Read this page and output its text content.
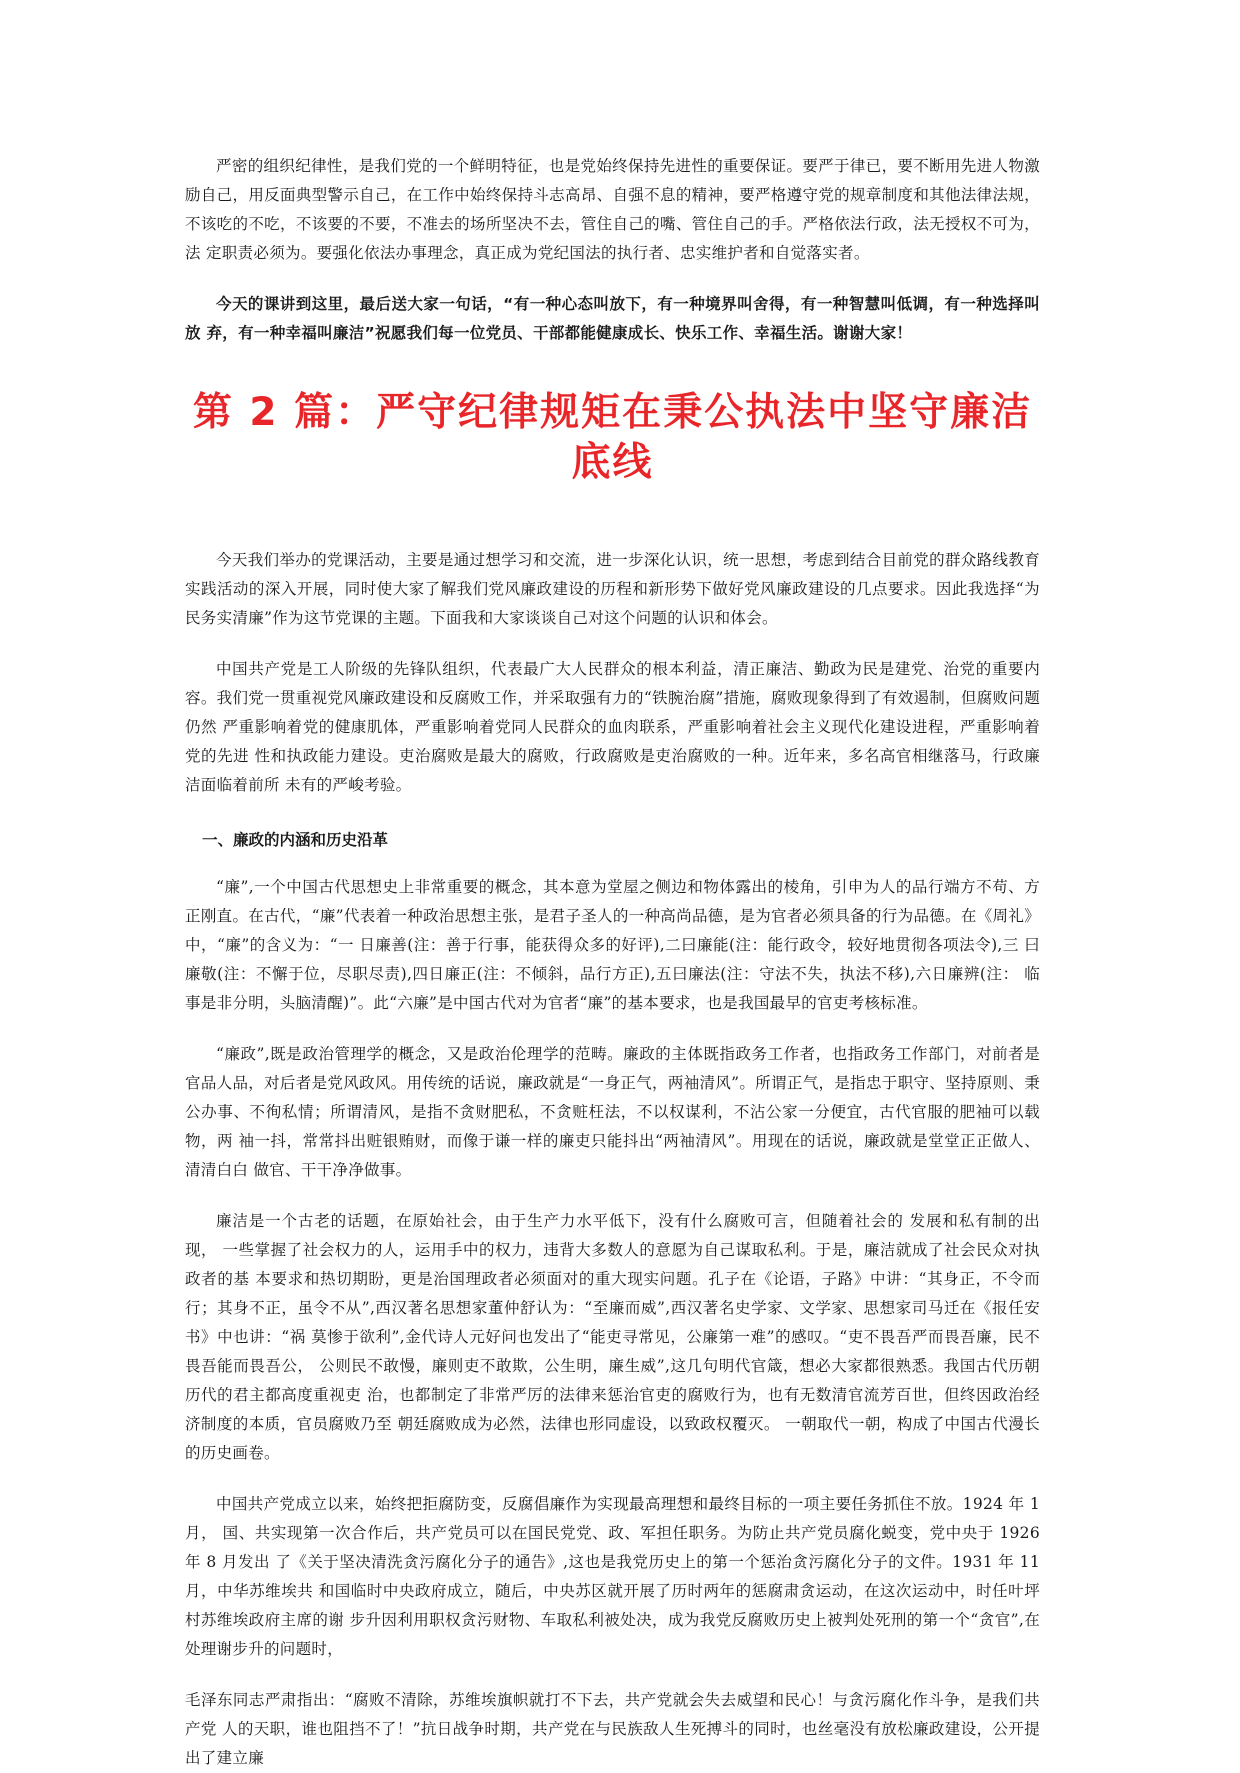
严密的组织纪律性，是我们党的一个鲜明特征，也是党始终保持先进性的重要保证。要严于律已，要不断用先进人物激励自己，用反面典型警示自己，在工作中始终保持斗志高昂、自强不息的精神，要严格遵守党的规章制度和其他法律法规，不该吃的不吃，不该要的不要，不准去的场所坚决不去，管住自己的嘴、管住自己的手。严格依法行政，法无授权不可为，法 定职责必须为。要强化依法办事理念，真正成为党纪国法的执行者、忠实维护者和自觉落实者。

今天的课讲到这里，最后送大家一句话，“有一种心态叫放下，有一种境界叫舍得，有一种智慧叫低调，有一种选择叫放 弃，有一种幸福叫廉洁”祝愿我们每一位党员、干部都能健康成长、快乐工作、幸福生活。谢谢大家！

第 2 篇：严守纪律规矩在秉公执法中坚守廉洁底线

今天我们举办的党课活动，主要是通过想学习和交流，进一步深化认识，统一思想，考虑到结合目前党的群众路线教育实践活动的深入开展，同时使大家了解我们党风廉政建设的历程和新形势下做好党风廉政建设的几点要求。因此我选择“为民务实清廉”作为这节党课的主题。下面我和大家谈谈自己对这个问题的认识和体会。

中国共产党是工人阶级的先锋队组织，代表最广大人民群众的根本利益，清正廉洁、勤政为民是建党、治党的重要内容。我们党一贯重视党风廉政建设和反腐败工作，并采取强有力的“铁腕治腐”措施，腐败现象得到了有效遏制，但腐败问题仍然 严重影响着党的健康肌体，严重影响着党同人民群众的血肉联系，严重影响着社会主义现代化建设进程，严重影响着党的先进 性和执政能力建设。吏治腐败是最大的腐败，行政腐败是吏治腐败的一种。近年来，多名高官相继落马，行政廉洁面临着前所 未有的严峻考验。

一、廉政的内涵和历史沿革

“廉”,一个中国古代思想史上非常重要的概念，其本意为堂屋之侧边和物体露出的棱角，引申为人的品行端方不苟、方正刚直。在古代，“廉”代表着一种政治思想主张，是君子圣人的一种高尚品德，是为官者必须具备的行为品德。在《周礼》中，“廉”的含义为：“一 日廉善(注：善于行事，能获得众多的好评),二曰廉能(注：能行政令，较好地贯彻各项法令),三 曰廉敬(注：不懈于位，尽职尽责),四日廉正(注：不倾斜，品行方正),五曰廉法(注：守法不失，执法不移),六日廉辨(注： 临事是非分明，头脑清醒)”。此“六廉”是中国古代对为官者“廉”的基本要求，也是我国最早的官吏考核标准。

“廉政”,既是政治管理学的概念，又是政治伦理学的范畴。廉政的主体既指政务工作者，也指政务工作部门，对前者是官品人品，对后者是党风政风。用传统的话说，廉政就是“一身正气，两袖清风”。所谓正气，是指忠于职守、坚持原则、秉公办事、不徇私情；所谓清风，是指不贪财肥私，不贪赃枉法，不以权谋利，不沾公家一分便宜，古代官服的肥袖可以载物，两 袖一抖，常常抖出赃银贿财，而像于谦一样的廉吏只能抖出“两袖清风”。用现在的话说，廉政就是堂堂正正做人、清清白白 做官、干干净净做事。

廉洁是一个古老的话题，在原始社会，由于生产力水平低下，没有什么腐败可言，但随着社会的 发展和私有制的出现， 一些掌握了社会权力的人，运用手中的权力，违背大多数人的意愿为自己谋取私利。于是，廉洁就成了社会民众对执政者的基 本要求和热切期盼，更是治国理政者必须面对的重大现实问题。孔子在《论语，子路》中讲：“其身正，不令而行；其身不正，虽令不从”,西汉著名思想家董仲舒认为：“至廉而威”,西汉著名史学家、文学家、思想家司马迁在《报任安书》中也讲：“祸 莫惨于欲利”,金代诗人元好问也发出了“能吏寻常见，公廉第一难”的感叹。“吏不畏吾严而畏吾廉，民不畏吾能而畏吾公， 公则民不敢慢，廉则吏不敢欺，公生明，廉生威”,这几句明代官箴，想必大家都很熟悉。我国古代历朝历代的君主都高度重视吏 治，也都制定了非常严厉的法律来惩治官吏的腐败行为，也有无数清官流芳百世，但终因政治经济制度的本质，官员腐败乃至 朝廷腐败成为必然，法律也形同虚设，以致政权覆灭。 一朝取代一朝，构成了中国古代漫长的历史画卷。

中国共产党成立以来，始终把拒腐防变，反腐倡廉作为实现最高理想和最终目标的一项主要任务抓住不放。1924 年 1 月， 国、共实现第一次合作后，共产党员可以在国民党党、政、军担任职务。为防止共产党员腐化蜕变，党中央于 1926 年 8 月发出 了《关于坚决清洗贪污腐化分子的通告》,这也是我党历史上的第一个惩治贪污腐化分子的文件。1931 年 11 月，中华苏维埃共 和国临时中央政府成立，随后，中央苏区就开展了历时两年的惩腐肃贪运动，在这次运动中，时任叶坪村苏维埃政府主席的谢 步升因利用职权贪污财物、车取私利被处决，成为我党反腐败历史上被判处死刑的第一个“贪官”,在处理谢步升的问题时，

毛泽东同志严肃指出：“腐败不清除，苏维埃旗帜就打不下去，共产党就会失去威望和民心！与贪污腐化作斗争，是我们共产党 人的天职，谁也阻挡不了！”抗日战争时期，共产党在与民族敌人生死搏斗的同时，也丝毫没有放松廉政建设，公开提出了建立廉
